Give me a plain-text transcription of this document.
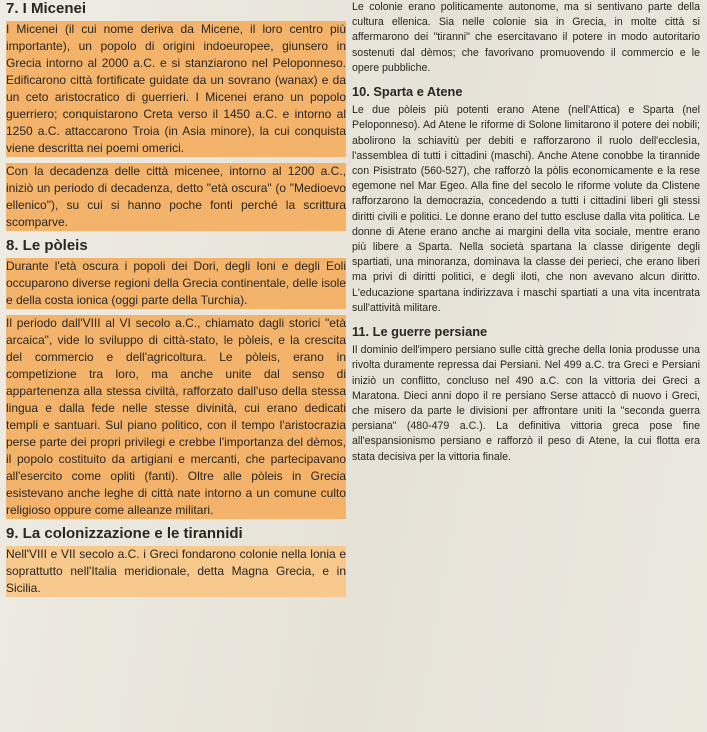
7. I Micenei

I Micenei (il cui nome deriva da Micene, il loro centro più importante), un popolo di origini indoeuropee, giunsero in Grecia intorno al 2000 a.C. e si stanziarono nel Peloponneso. Edificarono città fortificate guidate da un sovrano (wanax) e da un ceto aristocratico di guerrieri. I Micenei erano un popolo guerriero; conquistarono Creta verso il 1450 a.C. e intorno al 1250 a.C. attaccarono Troia (in Asia minore), la cui conquista viene descritta nei poemi omerici.

Con la decadenza delle città micenee, intorno al 1200 a.C., iniziò un periodo di decadenza, detto "età oscura" (o "Medioevo ellenico"), su cui si hanno poche fonti perché la scrittura scomparve.

8. Le pòleis

Durante l'età oscura i popoli dei Dori, degli Ioni e degli Eoli occuparono diverse regioni della Grecia continentale, delle isole e della costa ionica (oggi parte della Turchia).

Il periodo dall'VIII al VI secolo a.C., chiamato dagli storici "età arcaica", vide lo sviluppo di città-stato, le pòleis, e la crescita del commercio e dell'agricoltura. Le pòleis, erano in competizione tra loro, ma anche unite dal senso di appartenenza alla stessa civiltà, rafforzato dall'uso della stessa lingua e dalla fede nelle stesse divinità, cui erano dedicati templi e santuari. Sul piano politico, con il tempo l'aristocrazia perse parte dei propri privilegi e crebbe l'importanza del dèmos, il popolo costituito da artigiani e mercanti, che partecipavano all'esercito come opliti (fanti). Oltre alle pòleis in Grecia esistevano anche leghe di città nate intorno a un comune culto religioso oppure come alleanze militari.

9. La colonizzazione e le tirannidi

Nell'VIII e VII secolo a.C. i Greci fondarono colonie nella lonia e soprattutto nell'Italia meridionale, detta Magna Grecia, e in Sicilia.

Le colonie erano politicamente autonome, ma si sentivano parte della cultura ellenica. Sia nelle colonie sia in Grecia, in molte città si affermarono dei "tiranni" che esercitavano il potere in modo autoritario sostenuti dal dèmos; che favorivano promuovendo il commercio e le opere pubbliche.

10. Sparta e Atene

Le due pòleis più potenti erano Atene (nell'Attica) e Sparta (nel Peloponneso). Ad Atene le riforme di Solone limitarono il potere dei nobili; abolirono la schiavitù per debiti e rafforzarono il ruolo dell'ecclesìa, l'assemblea di tutti i cittadini (maschi). Anche Atene conobbe la tirannide con Pisistrato (560-527), che rafforzò la pòlis economicamente e la rese egemone nel Mar Egeo. Alla fine del secolo le riforme volute da Clistene rafforzarono la democrazia, concedendo a tutti i cittadini liberi gli stessi diritti civili e politici. Le donne erano del tutto escluse dalla vita politica. Le donne di Atene erano anche ai margini della vita sociale, mentre erano più libere a Sparta. Nella società spartana la classe dirigente degli spartiati, una minoranza, dominava la classe dei perieci, che erano liberi ma privi di diritti politici, e degli iloti, che non avevano alcun diritto. L'educazione spartana indirizzava i maschi spartiati a una vita incentrata sull'attività militare.

11. Le guerre persiane

Il dominio dell'impero persiano sulle città greche della Ionia produsse una rivolta duramente repressa dai Persiani. Nel 499 a.C. tra Greci e Persiani iniziò un conflitto, concluso nel 490 a.C. con la vittoria dei Greci a Maratona. Dieci anni dopo il re persiano Serse attaccò di nuovo i Greci, che misero da parte le divisioni per affrontare uniti la "seconda guerra persiana" (480-479 a.C.). La definitiva vittoria greca pose fine all'espansionismo persiano e rafforzò il peso di Atene, la cui flotta era stata decisiva per la vittoria finale.
